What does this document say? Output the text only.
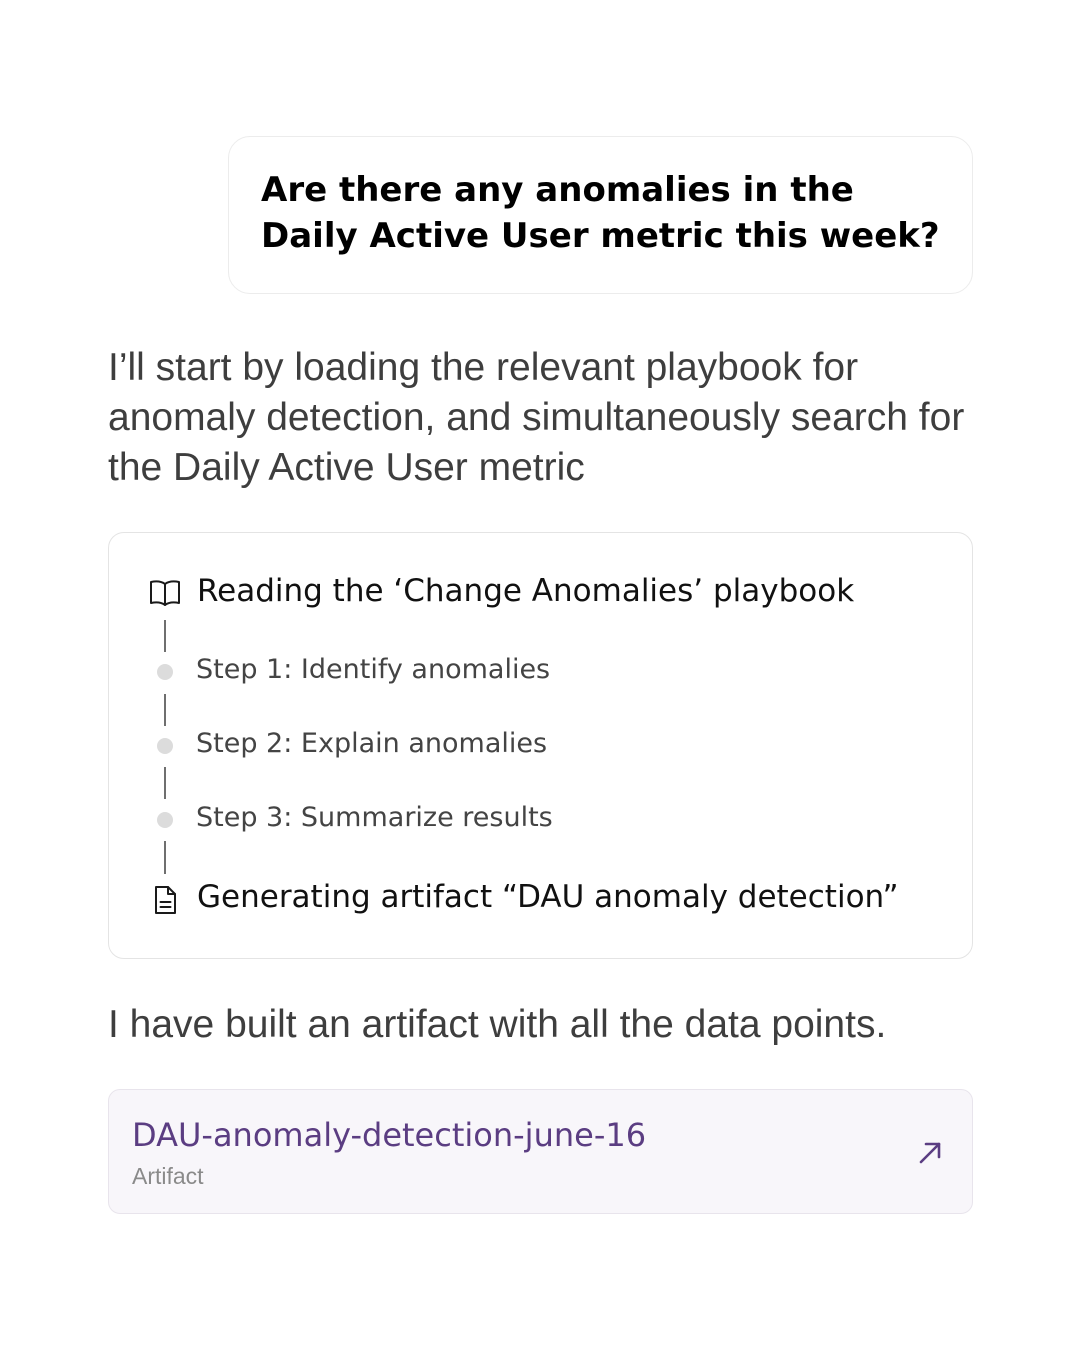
Are there any anomalies in the Daily Active User metric this week?
I’ll start by loading the relevant playbook for anomaly detection, and simultaneously search for the Daily Active User metric
Reading the ‘Change Anomalies’ playbook
Step 1: Identify anomalies
Step 2: Explain anomalies
Step 3: Summarize results
Generating artifact “DAU anomaly detection”
I have built an artifact with all the data points.
DAU-anomaly-detection-june-16
Artifact
